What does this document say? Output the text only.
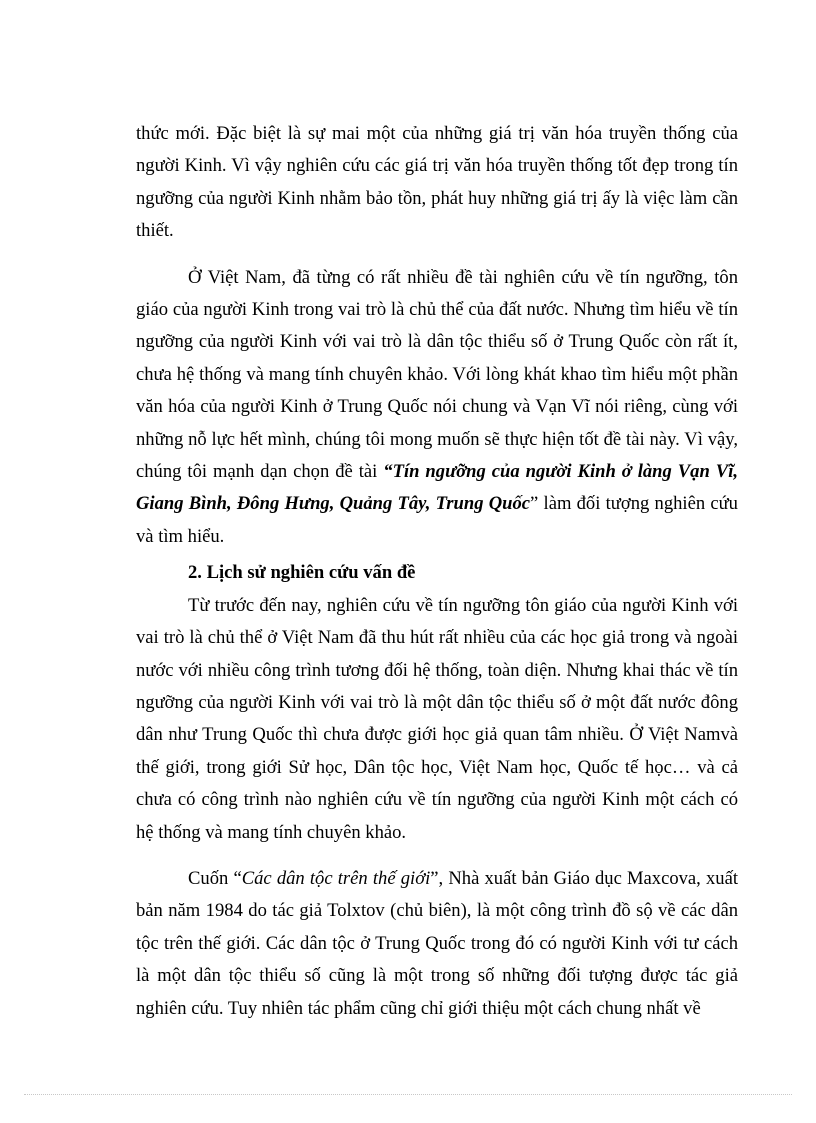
thức mới. Đặc biệt là sự mai một của những giá trị văn hóa truyền thống của người Kinh. Vì vậy nghiên cứu các giá trị văn hóa truyền thống tốt đẹp trong tín ngưỡng của người Kinh nhằm bảo tồn, phát huy những giá trị ấy là việc làm cần thiết.

Ở Việt Nam, đã từng có rất nhiều đề tài nghiên cứu về tín ngưỡng, tôn giáo của người Kinh trong vai trò là chủ thể của đất nước. Nhưng tìm hiểu về tín ngưỡng của người Kinh với vai trò là dân tộc thiểu số ở Trung Quốc còn rất ít, chưa hệ thống và mang tính chuyên khảo. Với lòng khát khao tìm hiểu một phần văn hóa của người Kinh ở Trung Quốc nói chung và Vạn Vĩ nói riêng, cùng với những nỗ lực hết mình, chúng tôi mong muốn sẽ thực hiện tốt đề tài này. Vì vậy, chúng tôi mạnh dạn chọn đề tài “Tín ngưỡng của người Kinh ở làng Vạn Vĩ, Giang Bình, Đông Hưng, Quảng Tây, Trung Quốc” làm đối tượng nghiên cứu và tìm hiểu.

2. Lịch sử nghiên cứu vấn đề

Từ trước đến nay, nghiên cứu về tín ngưỡng tôn giáo của người Kinh với vai trò là chủ thể ở Việt Nam đã thu hút rất nhiều của các học giả trong và ngoài nước với nhiều công trình tương đối hệ thống, toàn diện. Nhưng khai thác về tín ngưỡng của người Kinh với vai trò là một dân tộc thiểu số ở một đất nước đông dân như Trung Quốc thì chưa được giới học giả quan tâm nhiều. Ở Việt Namvà thế giới, trong giới Sử học, Dân tộc học, Việt Nam học, Quốc tế học… và cả chưa có công trình nào nghiên cứu về tín ngưỡng của người Kinh một cách có hệ thống và mang tính chuyên khảo.

Cuốn “Các dân tộc trên thế giới”, Nhà xuất bản Giáo dục Maxcova, xuất bản năm 1984 do tác giả Tolxtov (chủ biên), là một công trình đồ sộ về các dân tộc trên thế giới. Các dân tộc ở Trung Quốc trong đó có người Kinh với tư cách là một dân tộc thiểu số cũng là một trong số những đối tượng được tác giả nghiên cứu. Tuy nhiên tác phẩm cũng chỉ giới thiệu một cách chung nhất về
